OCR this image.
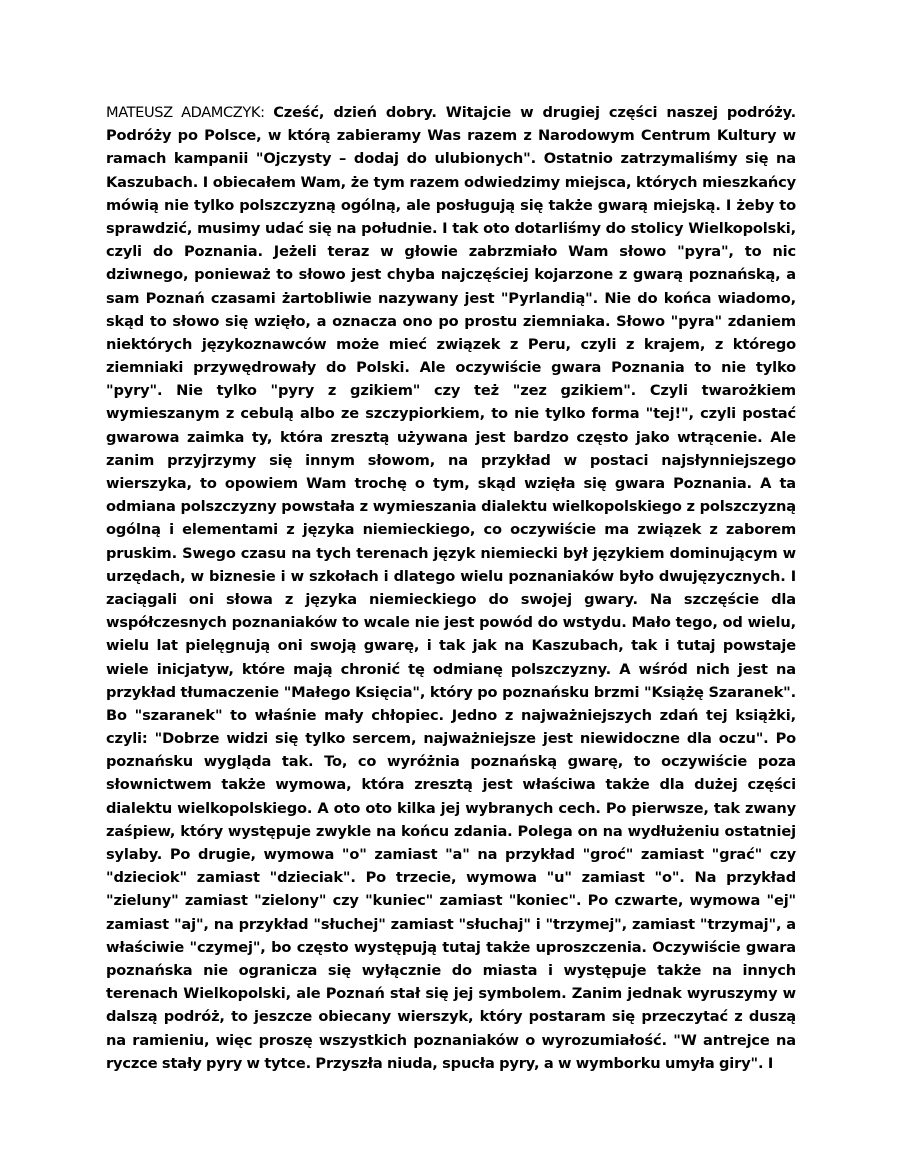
MATEUSZ ADAMCZYK: Cześć, dzień dobry. Witajcie w drugiej części naszej podróży. Podróży po Polsce, w którą zabieramy Was razem z Narodowym Centrum Kultury w ramach kampanii "Ojczysty – dodaj do ulubionych". Ostatnio zatrzymaliśmy się na Kaszubach. I obiecałem Wam, że tym razem odwiedzimy miejsca, których mieszkańcy mówią nie tylko polszczyzną ogólną, ale posługują się także gwarą miejską. I żeby to sprawdzić, musimy udać się na południe. I tak oto dotarliśmy do stolicy Wielkopolski, czyli do Poznania. Jeżeli teraz w głowie zabrzmiało Wam słowo "pyra", to nic dziwnego, ponieważ to słowo jest chyba najczęściej kojarzone z gwarą poznańską, a sam Poznań czasami żartobliwie nazywany jest "Pyrlandią". Nie do końca wiadomo, skąd to słowo się wzięło, a oznacza ono po prostu ziemniaka. Słowo "pyra" zdaniem niektórych językoznawców może mieć związek z Peru, czyli z krajem, z którego ziemniaki przywędrowały do Polski. Ale oczywiście gwara Poznania to nie tylko "pyry". Nie tylko "pyry z gzikiem" czy też "zez gzikiem". Czyli twarożkiem wymieszanym z cebulą albo ze szczypiorkiem, to nie tylko forma "tej!", czyli postać gwarowa zaimka ty, która zresztą używana jest bardzo często jako wtrącenie. Ale zanim przyjrzymy się innym słowom, na przykład w postaci najsłynniejszego wierszyka, to opowiem Wam trochę o tym, skąd wzięła się gwara Poznania. A ta odmiana polszczyzny powstała z wymieszania dialektu wielkopolskiego z polszczyzną ogólną i elementami z języka niemieckiego, co oczywiście ma związek z zaborem pruskim. Swego czasu na tych terenach język niemiecki był językiem dominującym w urzędach, w biznesie i w szkołach i dlatego wielu poznaniaków było dwujęzycznych. I zaciągali oni słowa z języka niemieckiego do swojej gwary. Na szczęście dla współczesnych poznaniaków to wcale nie jest powód do wstydu. Mało tego, od wielu, wielu lat pielęgnują oni swoją gwarę, i tak jak na Kaszubach, tak i tutaj powstaje wiele inicjatyw, które mają chronić tę odmianę polszczyzny. A wśród nich jest na przykład tłumaczenie "Małego Księcia", który po poznańsku brzmi "Książę Szaranek". Bo "szaranek" to właśnie mały chłopiec. Jedno z najważniejszych zdań tej książki, czyli: "Dobrze widzi się tylko sercem, najważniejsze jest niewidoczne dla oczu". Po poznańsku wygląda tak. To, co wyróżnia poznańską gwarę, to oczywiście poza słownictwem także wymowa, która zresztą jest właściwa także dla dużej części dialektu wielkopolskiego. A oto oto kilka jej wybranych cech. Po pierwsze, tak zwany zaśpiew, który występuje zwykle na końcu zdania. Polega on na wydłużeniu ostatniej sylaby. Po drugie, wymowa "o" zamiast "a" na przykład "groć" zamiast "grać" czy "dzieciok" zamiast "dzieciak". Po trzecie, wymowa "u" zamiast "o". Na przykład "zieluny" zamiast "zielony" czy "kuniec" zamiast "koniec". Po czwarte, wymowa "ej" zamiast "aj", na przykład "słuchej" zamiast "słuchaj" i "trzymej", zamiast "trzymaj", a właściwie "czymej", bo często występują tutaj także uproszczenia. Oczywiście gwara poznańska nie ogranicza się wyłącznie do miasta i występuje także na innych terenach Wielkopolski, ale Poznań stał się jej symbolem. Zanim jednak wyruszymy w dalszą podróż, to jeszcze obiecany wierszyk, który postaram się przeczytać z duszą na ramieniu, więc proszę wszystkich poznaniaków o wyrozumiałość. "W antrejce na ryczce stały pyry w tytce. Przyszła niuda, spucła pyry, a w wymborku umyła giry". I
